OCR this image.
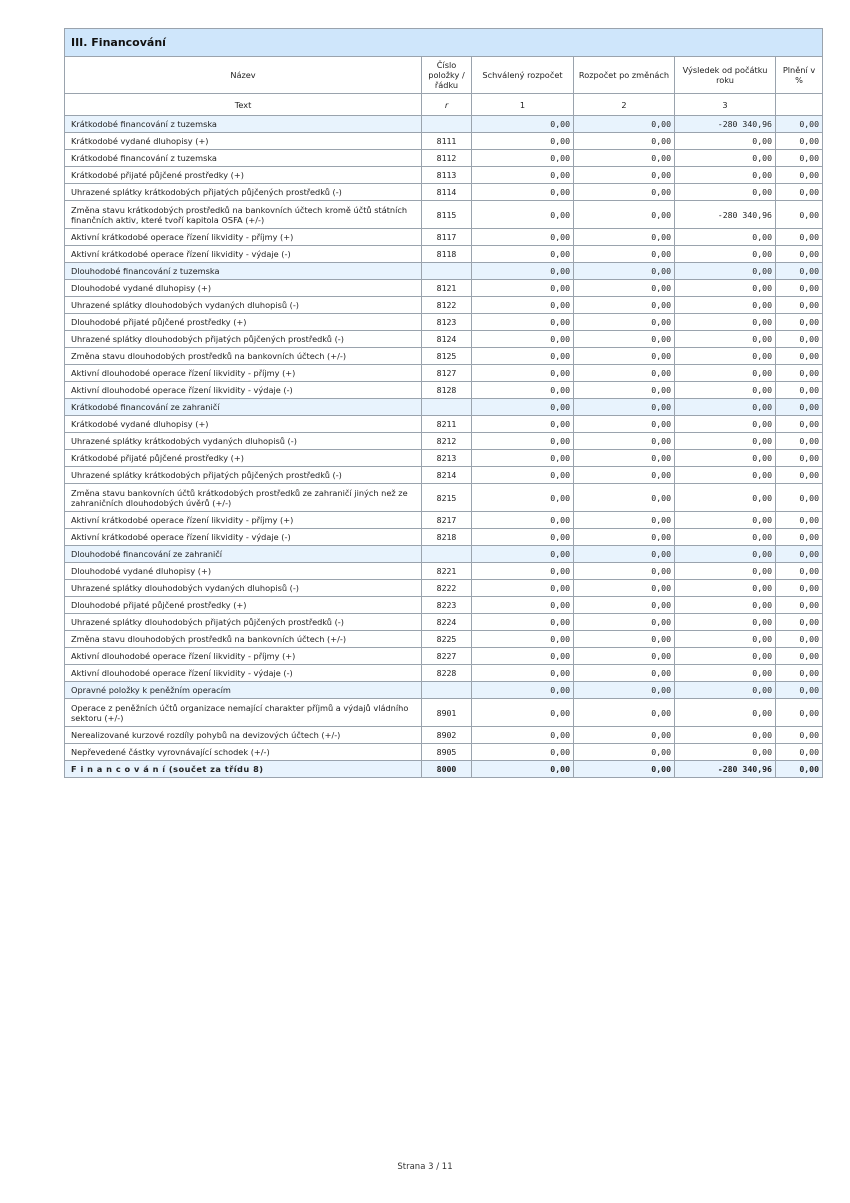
III. Financování					
Název	Číslo položky / řádku	Schválený rozpočet	Rozpočet po změnách	Výsledek od počátku roku	Plnění v %
Text	r	1	2	3	
Krátkodobé financování z tuzemska		0,00	0,00	-280 340,96	0,00
Krátkodobé vydané dluhopisy (+)	8111	0,00	0,00	0,00	0,00
Krátkodobé financování z tuzemska	8112	0,00	0,00	0,00	0,00
Krátkodobé přijaté půjčené prostředky (+)	8113	0,00	0,00	0,00	0,00
Uhrazené splátky krátkodobých přijatých půjčených prostředků (-)	8114	0,00	0,00	0,00	0,00
Změna stavu krátkodobých prostředků na bankovních účtech kromě účtů státních finančních aktiv, které tvoří kapitola OSFA (+/-)	8115	0,00	0,00	-280 340,96	0,00
Aktivní krátkodobé operace řízení likvidity - příjmy (+)	8117	0,00	0,00	0,00	0,00
Aktivní krátkodobé operace řízení likvidity - výdaje (-)	8118	0,00	0,00	0,00	0,00
Dlouhodobé financování z tuzemska		0,00	0,00	0,00	0,00
Dlouhodobé vydané dluhopisy (+)	8121	0,00	0,00	0,00	0,00
Uhrazené splátky dlouhodobých vydaných dluhopisů (-)	8122	0,00	0,00	0,00	0,00
Dlouhodobé přijaté půjčené prostředky (+)	8123	0,00	0,00	0,00	0,00
Uhrazené splátky dlouhodobých přijatých půjčených prostředků (-)	8124	0,00	0,00	0,00	0,00
Změna stavu dlouhodobých prostředků na bankovních účtech (+/-)	8125	0,00	0,00	0,00	0,00
Aktivní dlouhodobé operace řízení likvidity - příjmy (+)	8127	0,00	0,00	0,00	0,00
Aktivní dlouhodobé operace řízení likvidity - výdaje (-)	8128	0,00	0,00	0,00	0,00
Krátkodobé financování ze zahraničí		0,00	0,00	0,00	0,00
Krátkodobé vydané dluhopisy (+)	8211	0,00	0,00	0,00	0,00
Uhrazené splátky krátkodobých vydaných dluhopisů (-)	8212	0,00	0,00	0,00	0,00
Krátkodobé přijaté půjčené prostředky (+)	8213	0,00	0,00	0,00	0,00
Uhrazené splátky krátkodobých přijatých půjčených prostředků (-)	8214	0,00	0,00	0,00	0,00
Změna stavu bankovních účtů krátkodobých prostředků ze zahraničí jiných než ze zahraničních dlouhodobých úvěrů (+/-)	8215	0,00	0,00	0,00	0,00
Aktivní krátkodobé operace řízení likvidity - příjmy (+)	8217	0,00	0,00	0,00	0,00
Aktivní krátkodobé operace řízení likvidity - výdaje (-)	8218	0,00	0,00	0,00	0,00
Dlouhodobé financování ze zahraničí		0,00	0,00	0,00	0,00
Dlouhodobé vydané dluhopisy (+)	8221	0,00	0,00	0,00	0,00
Uhrazené splátky dlouhodobých vydaných dluhopisů (-)	8222	0,00	0,00	0,00	0,00
Dlouhodobé přijaté půjčené prostředky (+)	8223	0,00	0,00	0,00	0,00
Uhrazené splátky dlouhodobých přijatých půjčených prostředků (-)	8224	0,00	0,00	0,00	0,00
Změna stavu dlouhodobých prostředků na bankovních účtech (+/-)	8225	0,00	0,00	0,00	0,00
Aktivní dlouhodobé operace řízení likvidity - příjmy (+)	8227	0,00	0,00	0,00	0,00
Aktivní dlouhodobé operace řízení likvidity - výdaje (-)	8228	0,00	0,00	0,00	0,00
Opravné položky k peněžním operacím		0,00	0,00	0,00	0,00
Operace z peněžních účtů organizace nemající charakter příjmů a výdajů vládního sektoru (+/-)	8901	0,00	0,00	0,00	0,00
Nerealizované kurzové rozdíly pohybů na devizových účtech (+/-)	8902	0,00	0,00	0,00	0,00
Nepřevedené částky vyrovnávající schodek (+/-)	8905	0,00	0,00	0,00	0,00
F i n a n c o v á n í (součet za třídu 8)	8000	0,00	0,00	-280 340,96	0,00
Strana 3 / 11
